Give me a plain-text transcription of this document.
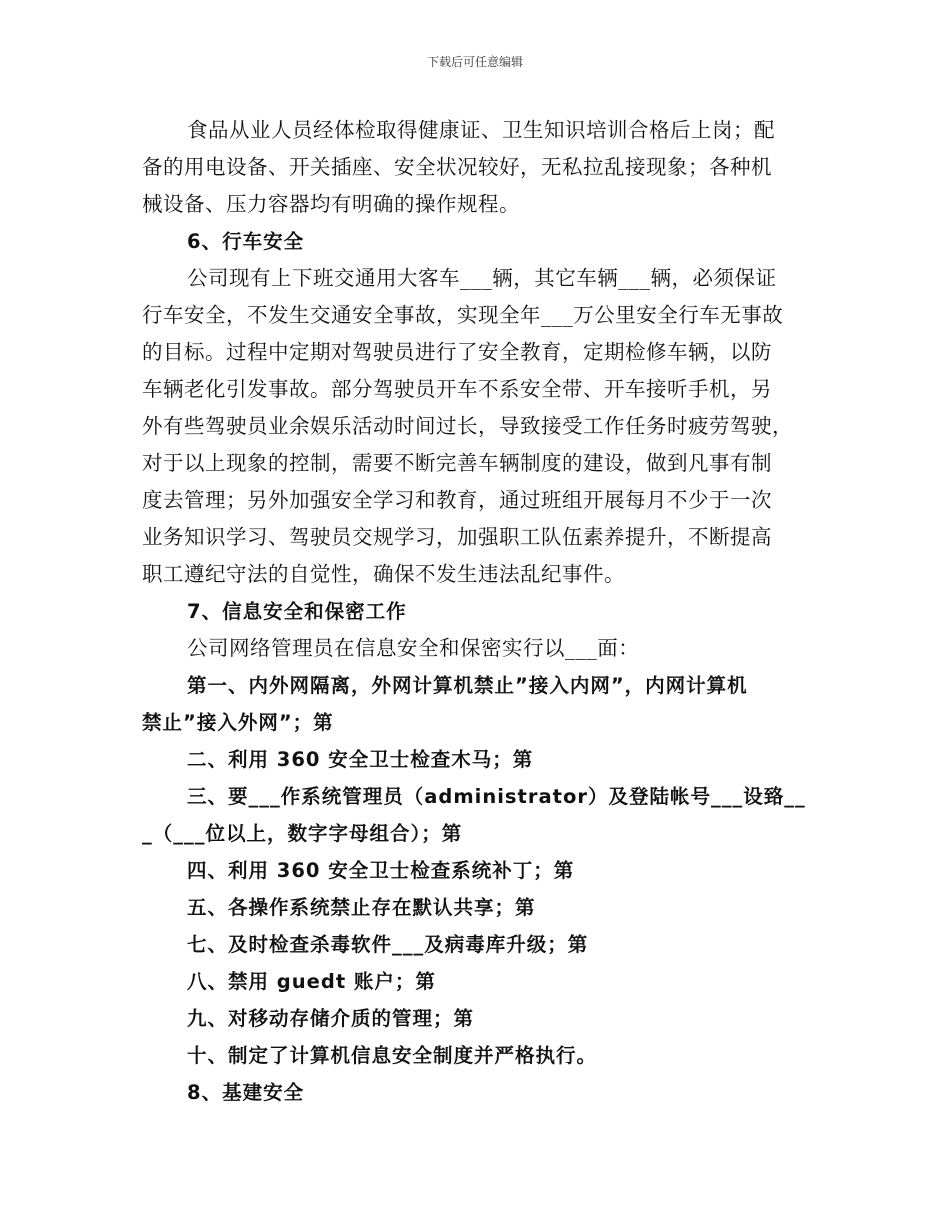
下载后可任意编辑
食品从业人员经体检取得健康证、卫生知识培训合格后上岗；配
备的用电设备、开关插座、安全状况较好，无私拉乱接现象；各种机
械设备、压力容器均有明确的操作规程。
6、行车安全
公司现有上下班交通用大客车___辆，其它车辆___辆，必须保证
行车安全，不发生交通安全事故，实现全年___万公里安全行车无事故
的目标。过程中定期对驾驶员进行了安全教育，定期检修车辆，以防
车辆老化引发事故。部分驾驶员开车不系安全带、开车接听手机，另
外有些驾驶员业余娱乐活动时间过长，导致接受工作任务时疲劳驾驶，
对于以上现象的控制，需要不断完善车辆制度的建设，做到凡事有制
度去管理；另外加强安全学习和教育，通过班组开展每月不少于一次
业务知识学习、驾驶员交规学习，加强职工队伍素养提升，不断提高
职工遵纪守法的自觉性，确保不发生违法乱纪事件。
7、信息安全和保密工作
公司网络管理员在信息安全和保密实行以___面：
第一、内外网隔离，外网计算机禁止”接入内网”，内网计算机
禁止”接入外网”；第
二、利用 360 安全卫士检查木马；第
三、要___作系统管理员（administrator）及登陆帐号___设臵__
_（___位以上，数字字母组合）；第
四、利用 360 安全卫士检查系统补丁；第
五、各操作系统禁止存在默认共享；第
七、及时检查杀毒软件___及病毒库升级；第
八、禁用 guedt 账户；第
九、对移动存储介质的管理；第
十、制定了计算机信息安全制度并严格执行。
8、基建安全
